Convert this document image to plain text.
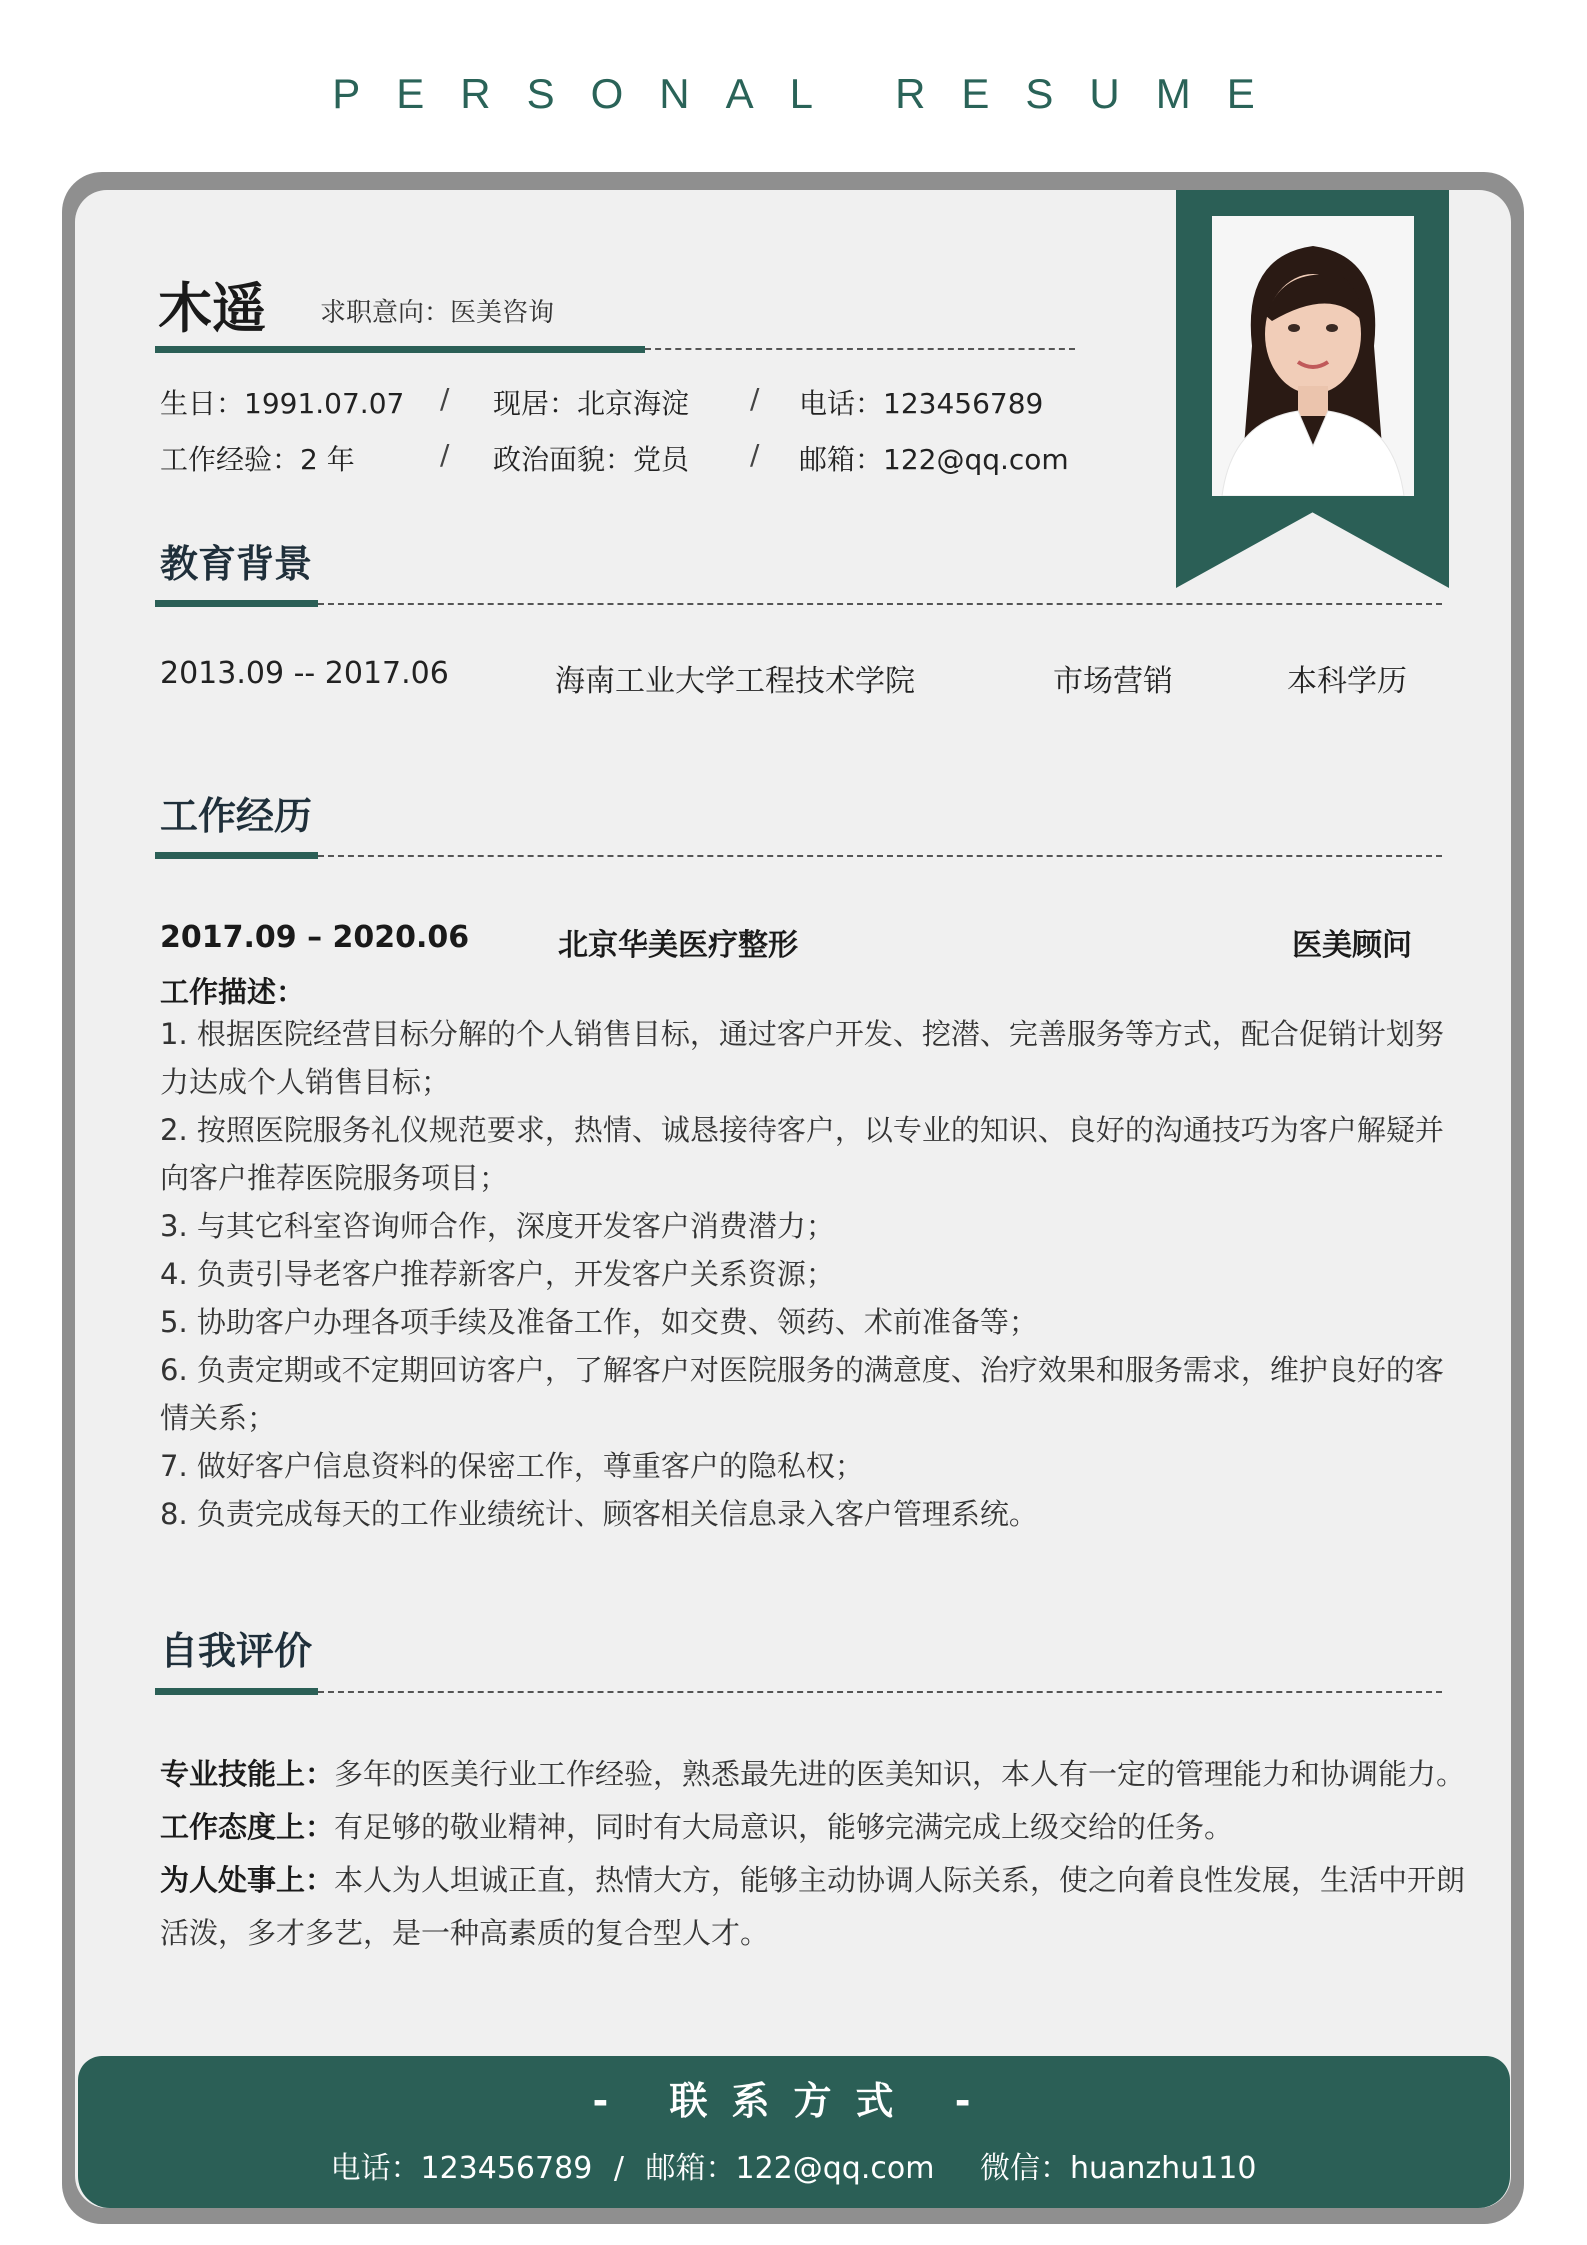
PERSONAL RESUME
木遥 求职意向：医美咨询
生日：1991.07.07 / 现居：北京海淀 / 电话：123456789
工作经验：2 年	/ 政治面貌：党员 / 邮箱：122@qq.com
教育背景
2013.09 -- 2017.06	海南工业大学工程技术学院	市场营销	本科学历
工作经历
2017.09 – 2020.06	北京华美医疗整形	医美顾问
工作描述：
1. 根据医院经营目标分解的个人销售目标，通过客户开发、挖潜、完善服务等方式，配合促销计划努力达成个人销售目标；
2. 按照医院服务礼仪规范要求，热情、诚恳接待客户，以专业的知识、良好的沟通技巧为客户解疑并向客户推荐医院服务项目；
3. 与其它科室咨询师合作，深度开发客户消费潜力；
4. 负责引导老客户推荐新客户，开发客户关系资源；
5. 协助客户办理各项手续及准备工作，如交费、领药、术前准备等；
6. 负责定期或不定期回访客户，了解客户对医院服务的满意度、治疗效果和服务需求，维护良好的客情关系；
7. 做好客户信息资料的保密工作，尊重客户的隐私权；
8. 负责完成每天的工作业绩统计、顾客相关信息录入客户管理系统。
自我评价
专业技能上：多年的医美行业工作经验，熟悉最先进的医美知识，本人有一定的管理能力和协调能力。
工作态度上：有足够的敬业精神，同时有大局意识，能够完满完成上级交给的任务。
为人处事上：本人为人坦诚正直，热情大方，能够主动协调人际关系，使之向着良性发展，生活中开朗活泼，多才多艺，是一种高素质的复合型人才。
- 联系方式 -
电话：123456789 / 邮箱：122@qq.com 微信：huanzhu110
